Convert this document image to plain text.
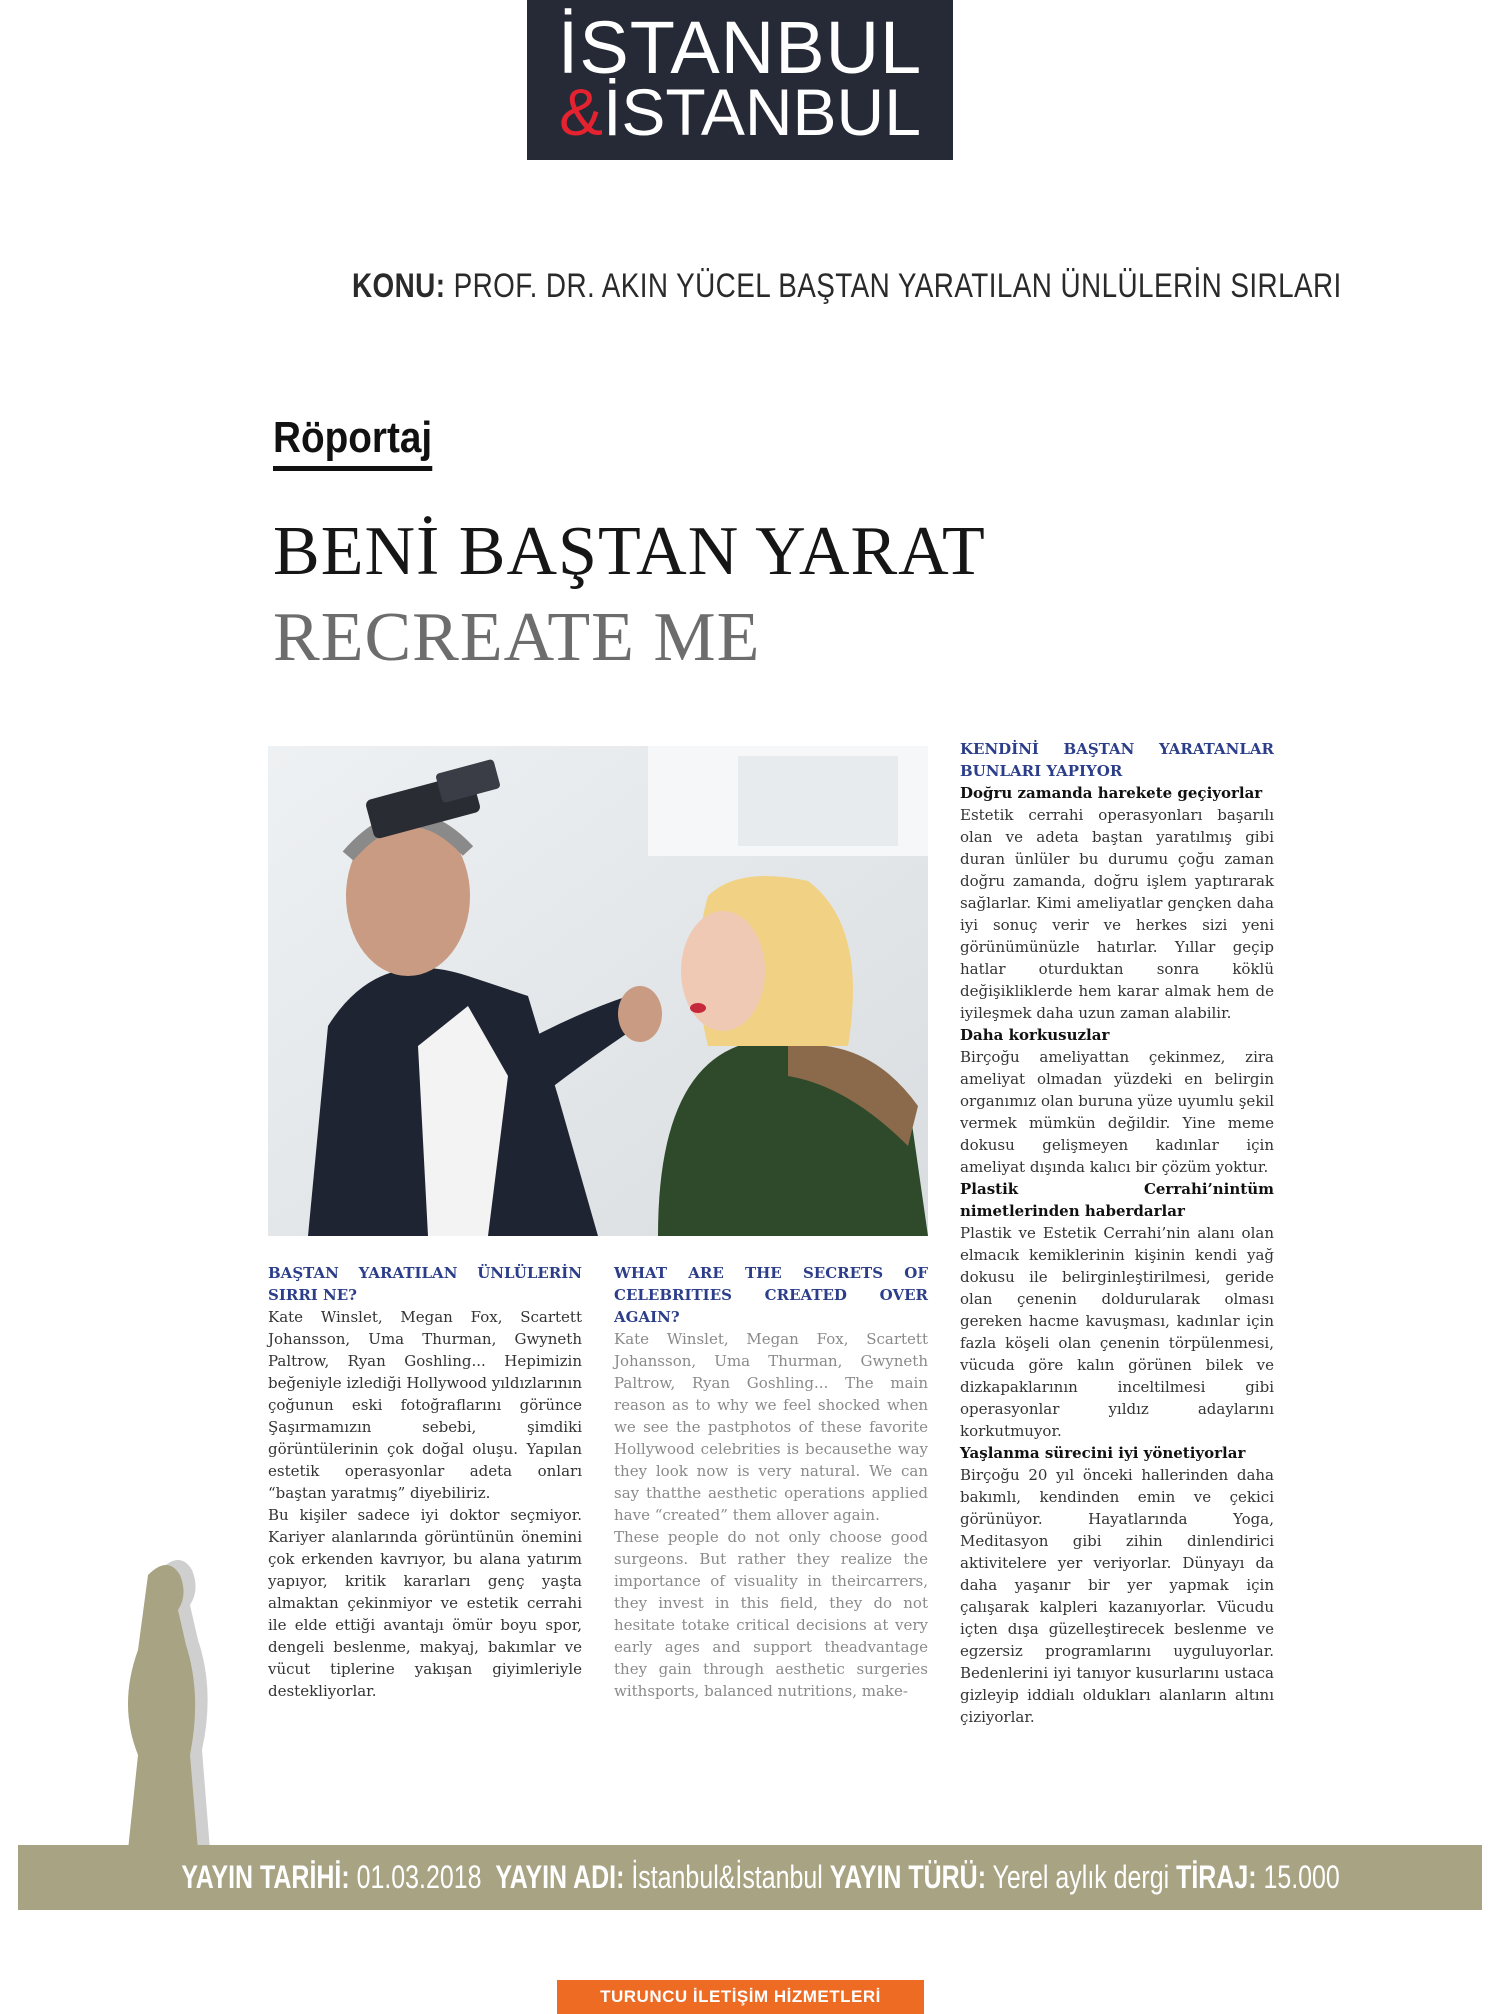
İSTANBUL
&İSTANBUL
KONU: PROF. DR. AKIN YÜCEL BAŞTAN YARATILAN ÜNLÜLERİN SIRLARI
Röportaj
BENİ BAŞTAN YARAT
RECREATE ME
BAŞTAN YARATILAN ÜNLÜLERİN SIRRI NE?

Kate Winslet, Megan Fox, Scartett Johansson, Uma Thurman, Gwyneth Paltrow, Ryan Goshling... Hepimizin beğeniyle izlediği Hollywood yıldızlarının çoğunun eski fotoğraflarını görünce Şaşırmamızın sebebi, şimdiki görüntülerinin çok doğal oluşu. Yapılan estetik operasyonlar adeta onları “baştan yaratmış” diyebiliriz.

Bu kişiler sadece iyi doktor seçmiyor. Kariyer alanlarında görüntünün önemini çok erkenden kavrıyor, bu alana yatırım yapıyor, kritik kararları genç yaşta almaktan çekinmiyor ve estetik cerrahi ile elde ettiği avantajı ömür boyu spor, dengeli beslenme, makyaj, bakımlar ve vücut tiplerine yakışan giyimleriyle destekliyorlar.

WHAT ARE THE SECRETS OF CELEBRITIES CREATED OVER AGAIN?

Kate Winslet, Megan Fox, Scartett Johansson, Uma Thurman, Gwyneth Paltrow, Ryan Goshling... The main reason as to why we feel shocked when we see the pastphotos of these favorite Hollywood celebrities is becausethe way they look now is very natural. We can say thatthe aesthetic operations applied have “created” them allover again.

These people do not only choose good surgeons. But rather they realize the importance of visuality in theircarrers, they invest in this field, they do not hesitate totake critical decisions at very early ages and support theadvantage they gain through aesthetic surgeries withsports, balanced nutritions, make-

KENDİNİ BAŞTAN YARATANLAR BUNLARI YAPIYOR
Doğru zamanda harekete geçiyorlar

Estetik cerrahi operasyonları başarılı olan ve adeta baştan yaratılmış gibi duran ünlüler bu durumu çoğu zaman doğru zamanda, doğru işlem yaptırarak sağlarlar. Kimi ameliyatlar gençken daha iyi sonuç verir ve herkes sizi yeni görünümünüzle hatırlar. Yıllar geçip hatlar oturduktan sonra köklü değişikliklerde hem karar almak hem de iyileşmek daha uzun zaman alabilir.

Daha korkusuzlar

Birçoğu ameliyattan çekinmez, zira ameliyat olmadan yüzdeki en belirgin organımız olan buruna yüze uyumlu şekil vermek mümkün değildir. Yine meme dokusu gelişmeyen kadınlar için ameliyat dışında kalıcı bir çözüm yoktur.

Plastik Cerrahi’nintüm nimetlerinden haberdarlar

Plastik ve Estetik Cerrahi’nin alanı olan elmacık kemiklerinin kişinin kendi yağ dokusu ile belirginleştirilmesi, geride olan çenenin doldurularak olması gereken hacme kavuşması, kadınlar için fazla köşeli olan çenenin törpülenmesi, vücuda göre kalın görünen bilek ve dizkapaklarının inceltilmesi gibi operasyonlar yıldız adaylarını korkutmuyor.

Yaşlanma sürecini iyi yönetiyorlar

Birçoğu 20 yıl önceki hallerinden daha bakımlı, kendinden emin ve çekici görünüyor. Hayatlarında Yoga, Meditasyon gibi zihin dinlendirici aktivitelere yer veriyorlar. Dünyayı da daha yaşanır bir yer yapmak için çalışarak kalpleri kazanıyorlar. Vücudu içten dışa güzelleştirecek beslenme ve egzersiz programlarını uyguluyorlar. Bedenlerini iyi tanıyor kusurlarını ustaca gizleyip iddialı oldukları alanların altını çiziyorlar.

YAYIN TARİHİ: 01.03.2018 YAYIN ADI: İstanbul&İstanbul YAYIN TÜRÜ: Yerel aylık dergi TİRAJ: 15.000
TURUNCU İLETİŞİM HİZMETLERİ
